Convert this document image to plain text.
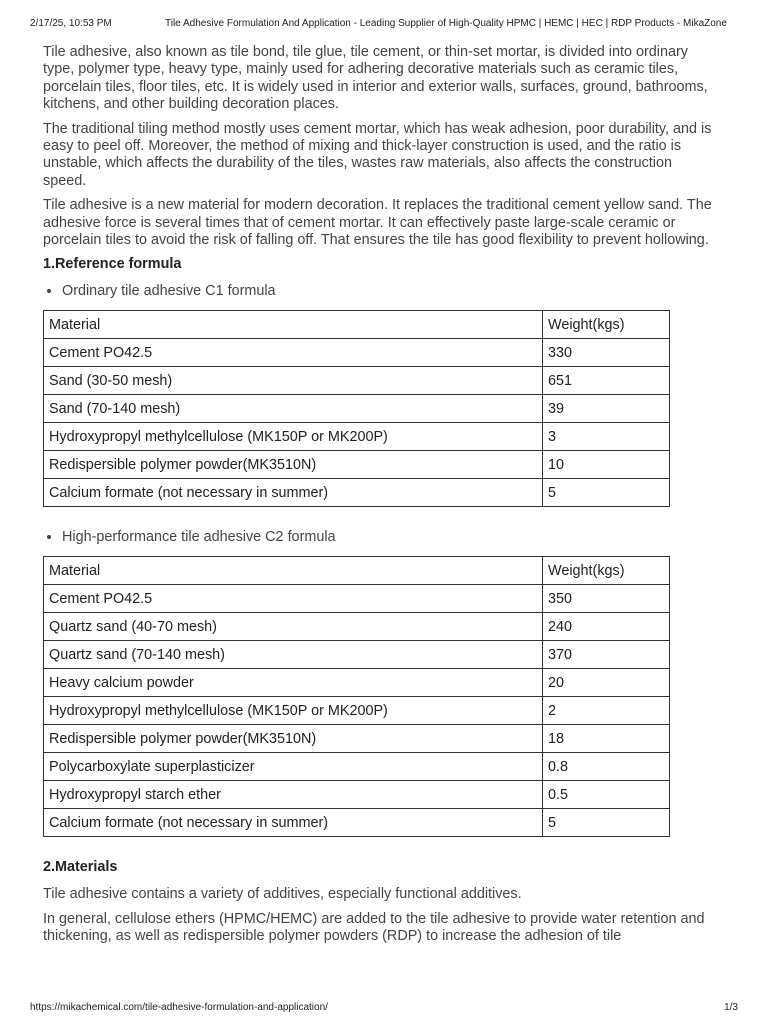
2/17/25, 10:53 PM	Tile Adhesive Formulation And Application - Leading Supplier of High-Quality HPMC | HEMC | HEC | RDP Products - MikaZone

Tile adhesive, also known as tile bond, tile glue, tile cement, or thin-set mortar, is divided into ordinary type, polymer type, heavy type, mainly used for adhering decorative materials such as ceramic tiles, porcelain tiles, floor tiles, etc. It is widely used in interior and exterior walls, surfaces, ground, bathrooms, kitchens, and other building decoration places.

The traditional tiling method mostly uses cement mortar, which has weak adhesion, poor durability, and is easy to peel off. Moreover, the method of mixing and thick-layer construction is used, and the ratio is unstable, which affects the durability of the tiles, wastes raw materials, also affects the construction speed.

Tile adhesive is a new material for modern decoration. It replaces the traditional cement yellow sand. The adhesive force is several times that of cement mortar. It can effectively paste large-scale ceramic or porcelain tiles to avoid the risk of falling off. That ensures the tile has good flexibility to prevent hollowing.

1.Reference formula
• Ordinary tile adhesive C1 formula
Material	Weight(kgs)
Cement PO42.5	330
Sand (30-50 mesh)	651
Sand (70-140 mesh)	39
Hydroxypropyl methylcellulose (MK150P or MK200P)	3
Redispersible polymer powder(MK3510N)	10
Calcium formate (not necessary in summer)	5
• High-performance tile adhesive C2 formula
Material	Weight(kgs)
Cement PO42.5	350
Quartz sand (40-70 mesh)	240
Quartz sand (70-140 mesh)	370
Heavy calcium powder	20
Hydroxypropyl methylcellulose (MK150P or MK200P)	2
Redispersible polymer powder(MK3510N)	18
Polycarboxylate superplasticizer	0.8
Hydroxypropyl starch ether	0.5
Calcium formate (not necessary in summer)	5
2.Materials

Tile adhesive contains a variety of additives, especially functional additives.

In general, cellulose ethers (HPMC/HEMC) are added to the tile adhesive to provide water retention and thickening, as well as redispersible polymer powders (RDP) to increase the adhesion of tile

https://mikachemical.com/tile-adhesive-formulation-and-application/	1/3
